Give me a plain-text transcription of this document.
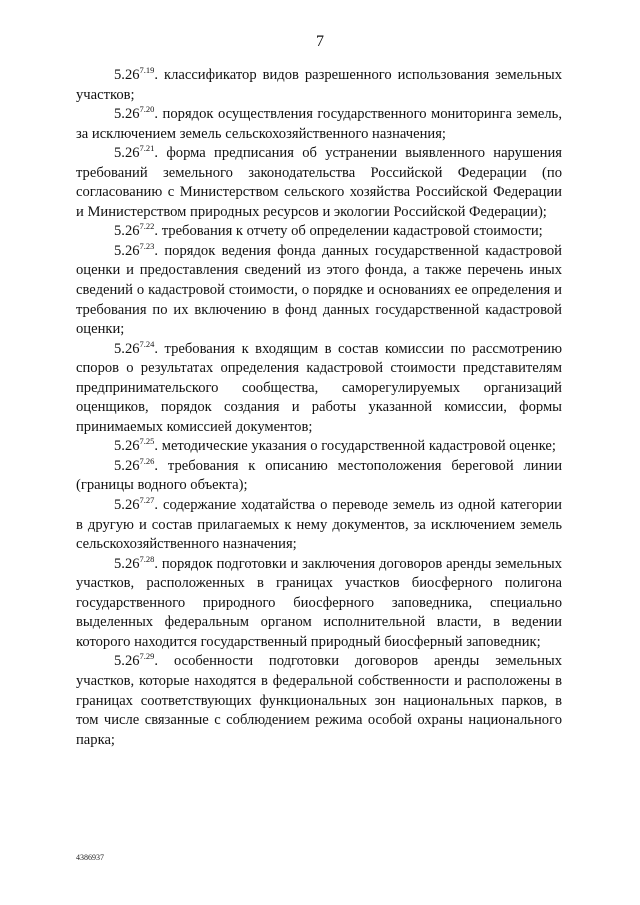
7

$5.26^{7.19}$. классификатор видов разрешенного использования земельных участков;

$5.26^{7.20}$. порядок осуществления государственного мониторинга земель, за исключением земель сельскохозяйственного назначения;

$5.26^{7.21}$. форма предписания об устранении выявленного нарушения требований земельного законодательства Российской Федерации (по согласованию с Министерством сельского хозяйства Российской Федерации и Министерством природных ресурсов и экологии Российской Федерации);

$5.26^{7.22}$. требования к отчету об определении кадастровой стоимости;

$5.26^{7.23}$. порядок ведения фонда данных государственной кадастровой оценки и предоставления сведений из этого фонда, а также перечень иных сведений о кадастровой стоимости, о порядке и основаниях ее определения и требования по их включению в фонд данных государственной кадастровой оценки;

$5.26^{7.24}$. требования к входящим в состав комиссии по рассмотрению споров о результатах определения кадастровой стоимости представителям предпринимательского сообщества, саморегулируемых организаций оценщиков, порядок создания и работы указанной комиссии, формы принимаемых комиссией документов;

$5.26^{7.25}$. методические указания о государственной кадастровой оценке;

$5.26^{7.26}$. требования к описанию местоположения береговой линии (границы водного объекта);

$5.26^{7.27}$. содержание ходатайства о переводе земель из одной категории в другую и состав прилагаемых к нему документов, за исключением земель сельскохозяйственного назначения;

$5.26^{7.28}$. порядок подготовки и заключения договоров аренды земельных участков, расположенных в границах участков биосферного полигона государственного природного биосферного заповедника, специально выделенных федеральным органом исполнительной власти, в ведении которого находится государственный природный биосферный заповедник;

$5.26^{7.29}$. особенности подготовки договоров аренды земельных участков, которые находятся в федеральной собственности и расположены в границах соответствующих функциональных зон национальных парков, в том числе связанные с соблюдением режима особой охраны национального парка;

4386937
